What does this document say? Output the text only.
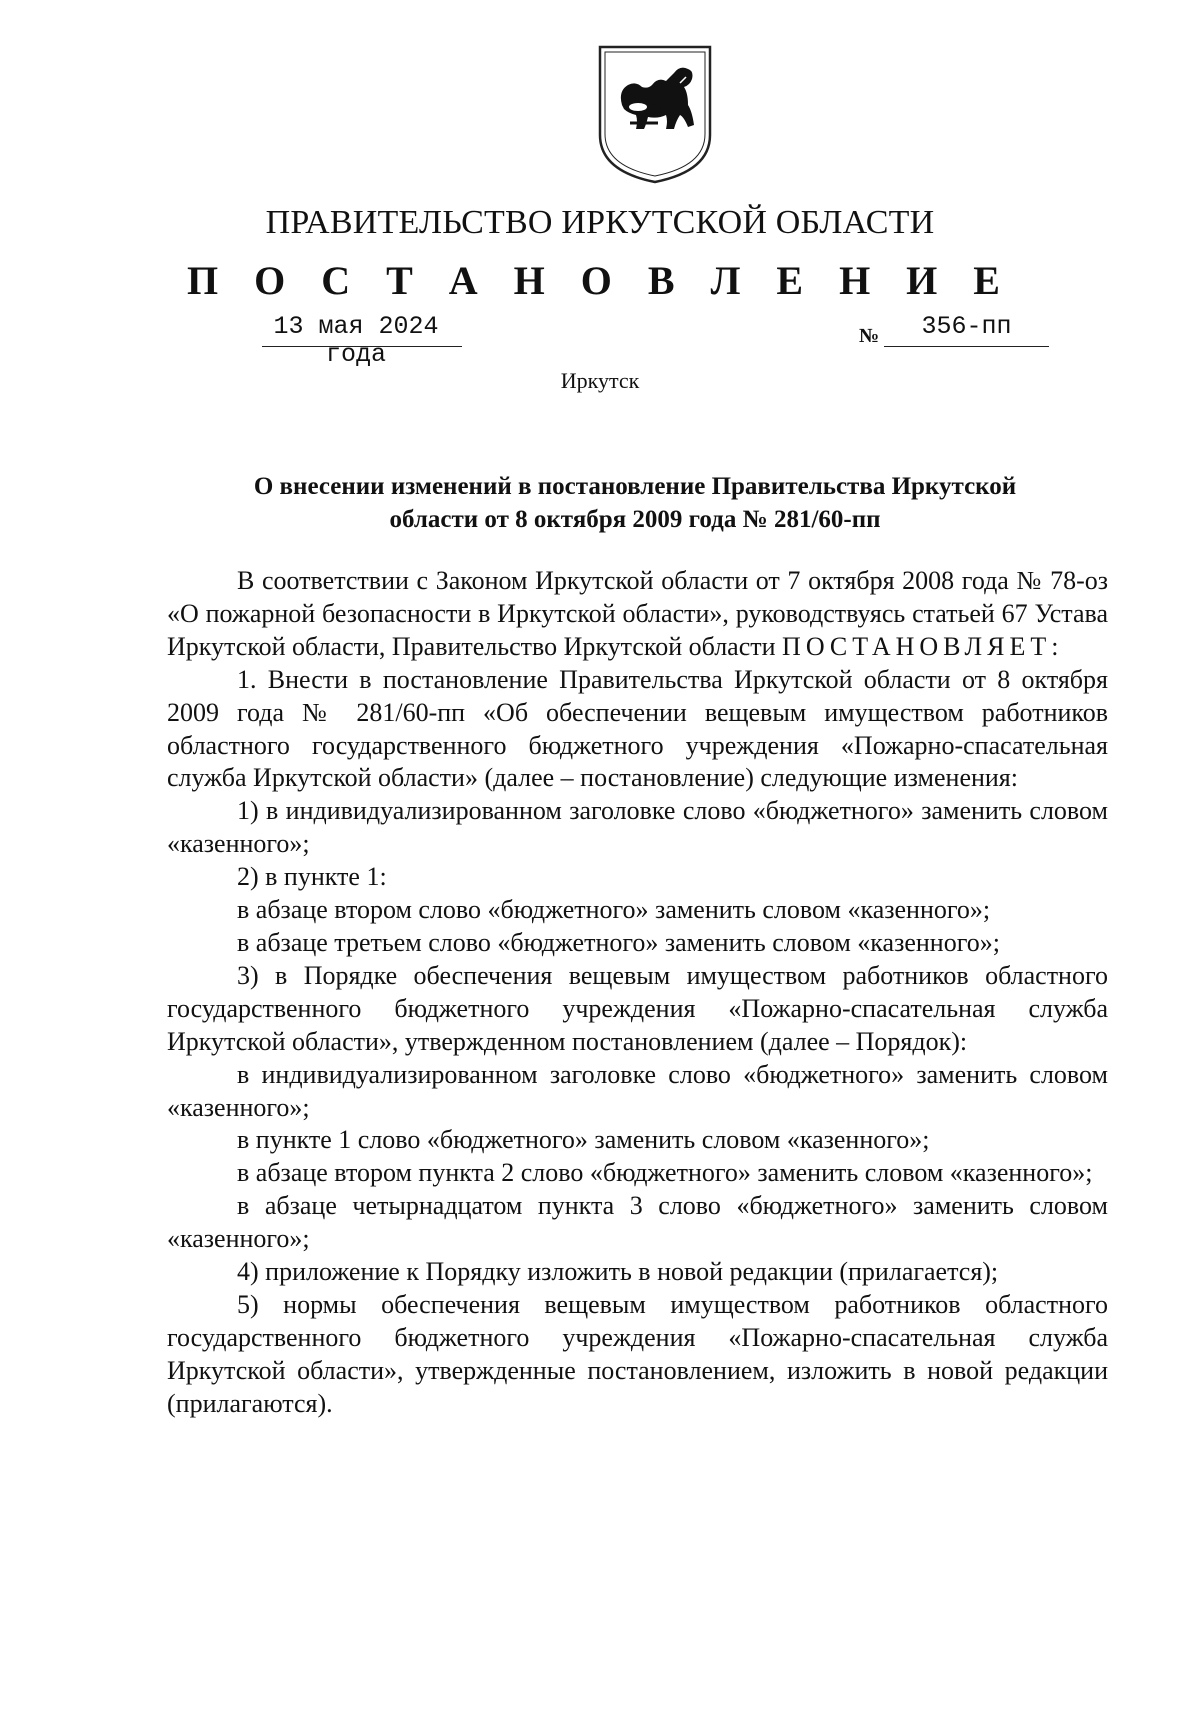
ПРАВИТЕЛЬСТВО ИРКУТСКОЙ ОБЛАСТИ
П О С Т А Н О В Л Е Н И Е
13 мая 2024 года
№	356-пп
Иркутск
О внесении изменений в постановление Правительства Иркутской
области от 8 октября 2009 года № 281/60-пп

В соответствии с Законом Иркутской области от 7 октября 2008 года № 78-оз «О пожарной безопасности в Иркутской области», руководствуясь статьей 67 Устава Иркутской области, Правительство Иркутской области ПОСТАНОВЛЯЕТ:

1. Внести в постановление Правительства Иркутской области от 8 октября 2009 года № 281/60-пп «Об обеспечении вещевым имуществом работников областного государственного бюджетного учреждения «Пожарно-спасательная служба Иркутской области» (далее – постановление) следующие изменения:

1) в индивидуализированном заголовке слово «бюджетного» заменить словом «казенного»;

2) в пункте 1:

в абзаце втором слово «бюджетного» заменить словом «казенного»;

в абзаце третьем слово «бюджетного» заменить словом «казенного»;

3) в Порядке обеспечения вещевым имуществом работников областного государственного бюджетного учреждения «Пожарно-спасательная служба Иркутской области», утвержденном постановлением (далее – Порядок):

в индивидуализированном заголовке слово «бюджетного» заменить словом «казенного»;

в пункте 1 слово «бюджетного» заменить словом «казенного»;

в абзаце втором пункта 2 слово «бюджетного» заменить словом «казенного»;

в абзаце четырнадцатом пункта 3 слово «бюджетного» заменить словом «казенного»;

4) приложение к Порядку изложить в новой редакции (прилагается);

5) нормы обеспечения вещевым имуществом работников областного государственного бюджетного учреждения «Пожарно-спасательная служба Иркутской области», утвержденные постановлением, изложить в новой редакции (прилагаются).
